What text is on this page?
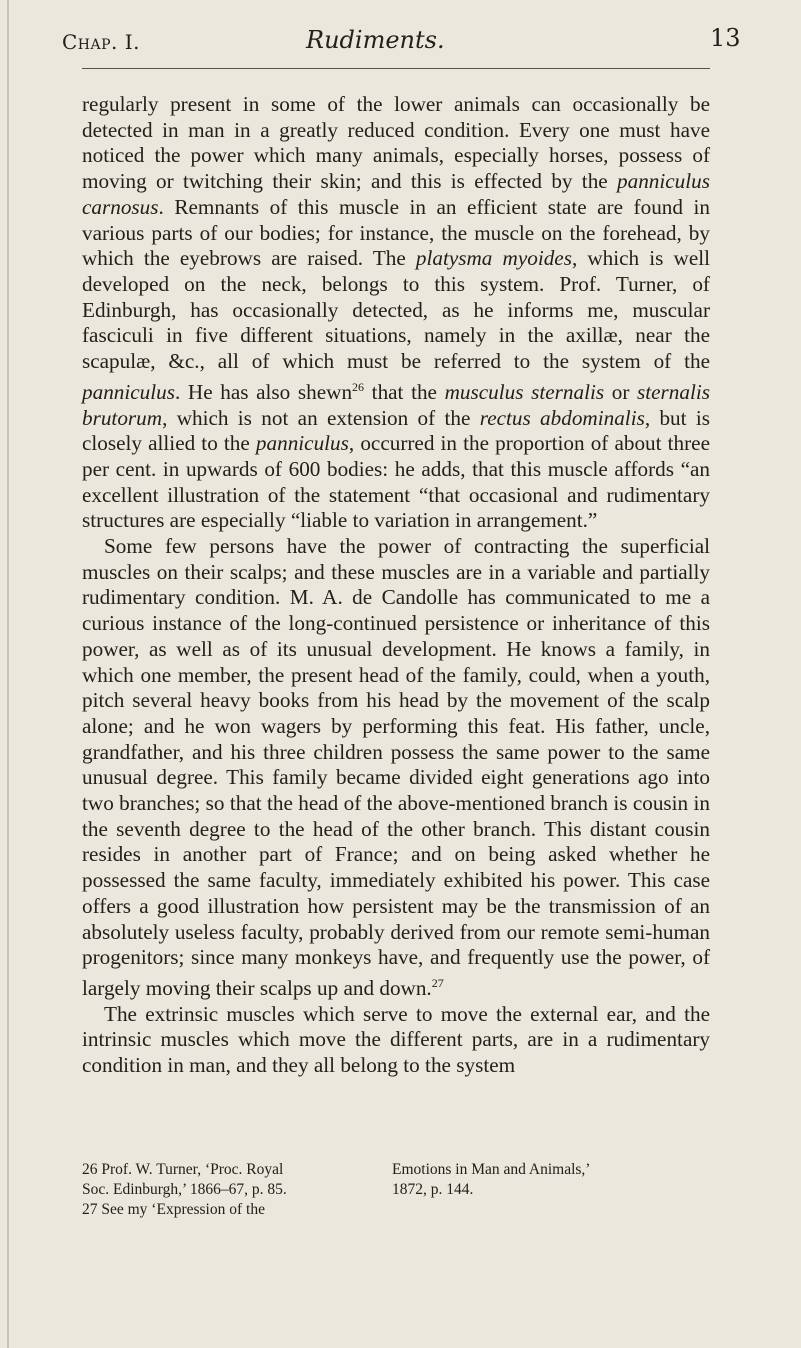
Chap. I.	Rudiments.	13

regularly present in some of the lower animals can occasionally be detected in man in a greatly reduced condition. Every one must have noticed the power which many animals, especially horses, possess of moving or twitching their skin; and this is effected by the panniculus carnosus. Remnants of this muscle in an efficient state are found in various parts of our bodies; for instance, the muscle on the forehead, by which the eyebrows are raised. The platysma myoides, which is well developed on the neck, belongs to this system. Prof. Turner, of Edinburgh, has occasionally detected, as he informs me, muscular fasciculi in five different situations, namely in the axillæ, near the scapulæ, &c., all of which must be referred to the system of the panniculus. He has also shewn$^{26}$ that the musculus sternalis or sternalis brutorum, which is not an extension of the rectus abdominalis, but is closely allied to the panniculus, occurred in the proportion of about three per cent. in upwards of 600 bodies: he adds, that this muscle affords “an excellent illustration of the statement “that occasional and rudimentary structures are especially “liable to variation in arrangement.”

Some few persons have the power of contracting the superficial muscles on their scalps; and these muscles are in a variable and partially rudimentary condition. M. A. de Candolle has communicated to me a curious instance of the long-continued persistence or inheritance of this power, as well as of its unusual development. He knows a family, in which one member, the present head of the family, could, when a youth, pitch several heavy books from his head by the movement of the scalp alone; and he won wagers by performing this feat. His father, uncle, grandfather, and his three children possess the same power to the same unusual degree. This family became divided eight generations ago into two branches; so that the head of the above-mentioned branch is cousin in the seventh degree to the head of the other branch. This distant cousin resides in another part of France; and on being asked whether he possessed the same faculty, immediately exhibited his power. This case offers a good illustration how persistent may be the transmission of an absolutely useless faculty, probably derived from our remote semi-human progenitors; since many monkeys have, and frequently use the power, of largely moving their scalps up and down.$^{27}$

The extrinsic muscles which serve to move the external ear, and the intrinsic muscles which move the different parts, are in a rudimentary condition in man, and they all belong to the system

26 Prof. W. Turner, ‘Proc. Royal
Soc. Edinburgh,’ 1866–67, p. 85.
27 See my ‘Expression of the
Emotions in Man and Animals,’
1872, p. 144.
